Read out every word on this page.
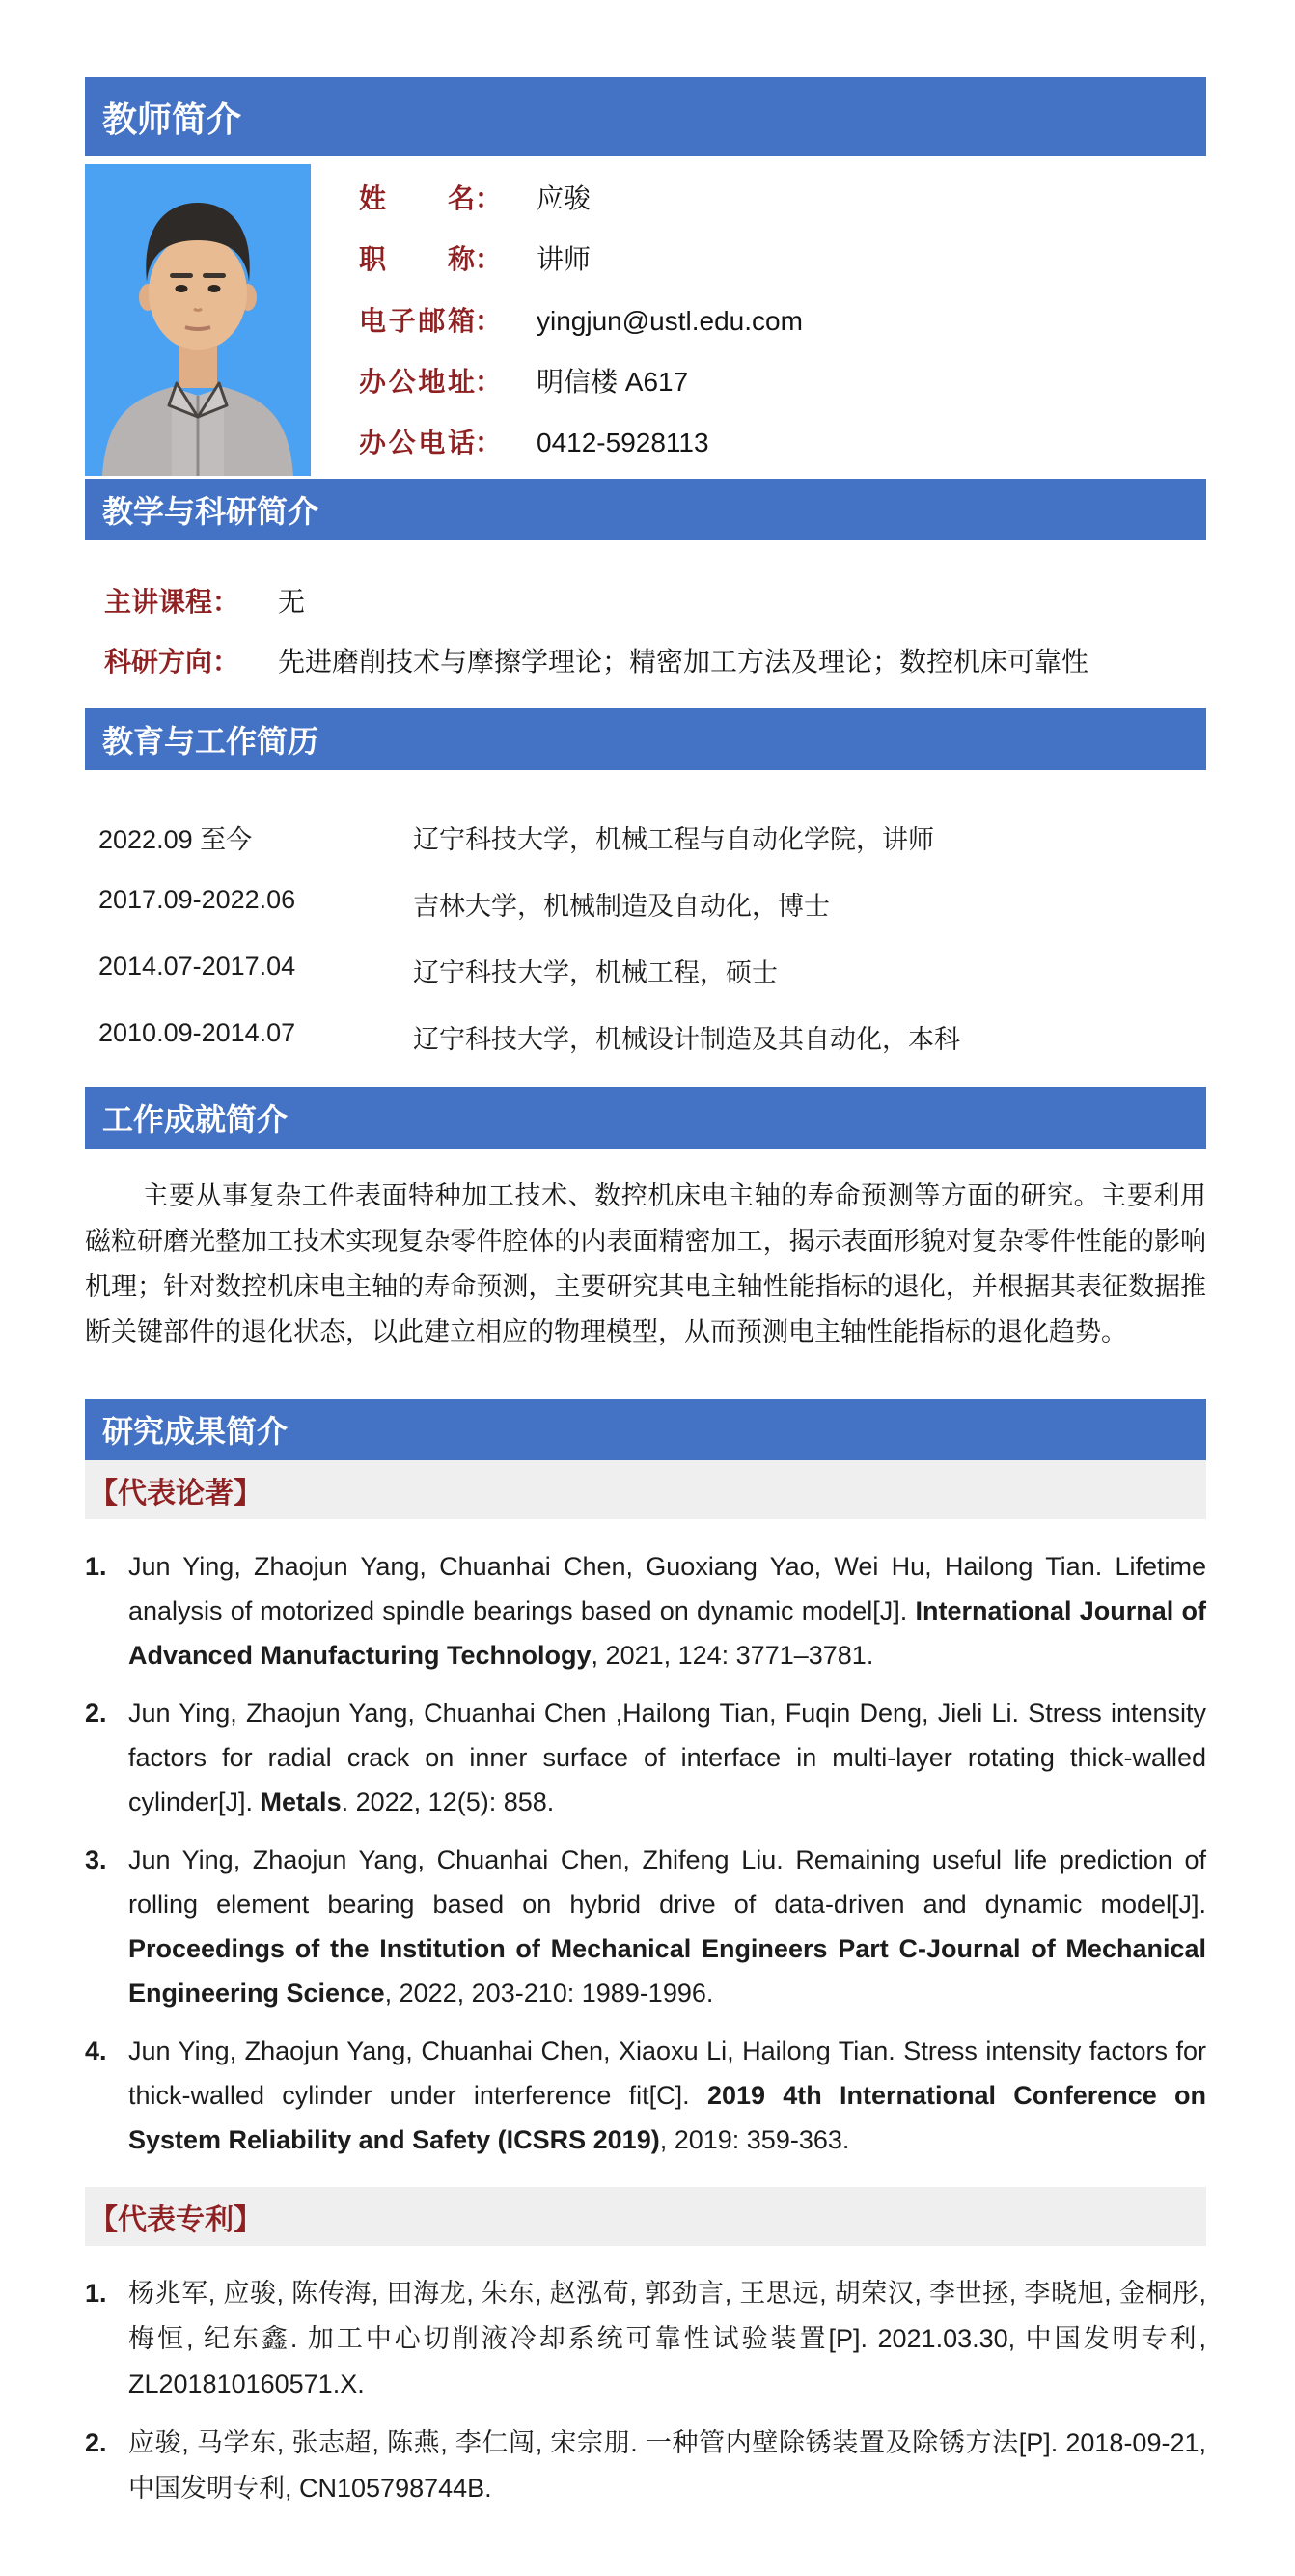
教师简介
姓名： 应骏
职称： 讲师
电子邮箱： yingjun@ustl.edu.com
办公地址： 明信楼 A617
办公电话： 0412-5928113
教学与科研简介
主讲课程： 无
科研方向： 先进磨削技术与摩擦学理论；精密加工方法及理论；数控机床可靠性
教育与工作简历
2022.09 至今	辽宁科技大学，机械工程与自动化学院，讲师
2017.09-2022.06	吉林大学，机械制造及自动化，博士
2014.07-2017.04	辽宁科技大学，机械工程，硕士
2010.09-2014.07	辽宁科技大学，机械设计制造及其自动化，本科
工作成就简介

主要从事复杂工件表面特种加工技术、数控机床电主轴的寿命预测等方面的研究。主要利用磁粒研磨光整加工技术实现复杂零件腔体的内表面精密加工，揭示表面形貌对复杂零件性能的影响机理；针对数控机床电主轴的寿命预测，主要研究其电主轴性能指标的退化，并根据其表征数据推断关键部件的退化状态，以此建立相应的物理模型，从而预测电主轴性能指标的退化趋势。

研究成果简介
【代表论著】
1. Jun Ying, Zhaojun Yang, Chuanhai Chen, Guoxiang Yao, Wei Hu, Hailong Tian. Lifetime analysis of motorized spindle bearings based on dynamic model[J]. International Journal of Advanced Manufacturing Technology, 2021, 124: 3771–3781.
2. Jun Ying, Zhaojun Yang, Chuanhai Chen ,Hailong Tian, Fuqin Deng, Jieli Li. Stress intensity factors for radial crack on inner surface of interface in multi-layer rotating thick-walled cylinder[J]. Metals. 2022, 12(5): 858.
3. Jun Ying, Zhaojun Yang, Chuanhai Chen, Zhifeng Liu. Remaining useful life prediction of rolling element bearing based on hybrid drive of data-driven and dynamic model[J]. Proceedings of the Institution of Mechanical Engineers Part C-Journal of Mechanical Engineering Science, 2022, 203-210: 1989-1996.
4. Jun Ying, Zhaojun Yang, Chuanhai Chen, Xiaoxu Li, Hailong Tian. Stress intensity factors for thick-walled cylinder under interference fit[C]. 2019 4th International Conference on System Reliability and Safety (ICSRS 2019), 2019: 359-363.
【代表专利】
1. 杨兆军, 应骏, 陈传海, 田海龙, 朱东, 赵泓荀, 郭劲言, 王思远, 胡荣汉, 李世拯, 李晓旭, 金桐彤, 梅恒, 纪东鑫. 加工中心切削液冷却系统可靠性试验装置[P]. 2021.03.30, 中国发明专利, ZL201810160571.X.
2. 应骏, 马学东, 张志超, 陈燕, 李仁闯, 宋宗朋. 一种管内壁除锈装置及除锈方法[P]. 2018-09-21, 中国发明专利, CN105798744B.
